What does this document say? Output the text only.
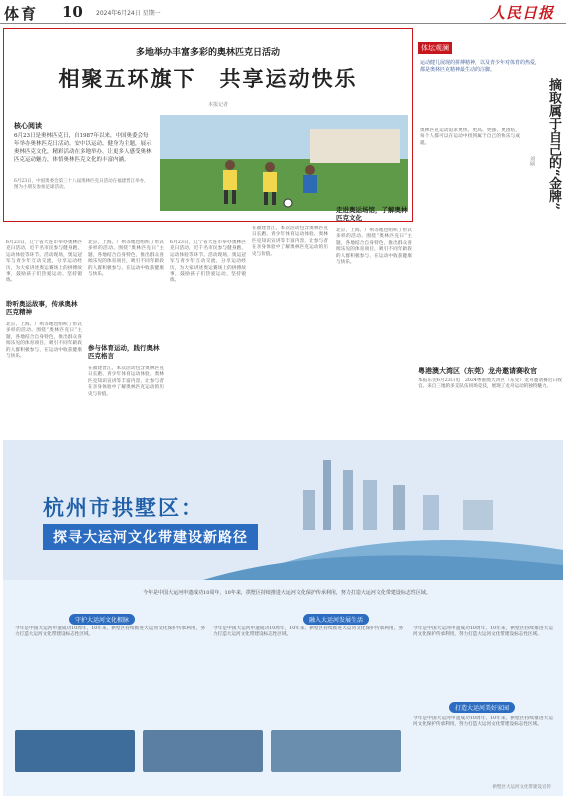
体育 10 2024年6月24日 星期一	人民日报
多地举办丰富多彩的奥林匹克日活动
相聚五环旗下　共享运动快乐
本报记者
核心阅读
6月23日是奥林匹克日，自1987年以来，中国奥委会每年举办奥林匹克日活动。安中以运动、健身为主题，展示奥林匹克文化，精彩活动在多地举办，让更多人感受奥林匹克运动魅力，体悟奥林匹克文化的丰富内涵。
6月23日，中国奥委会第三十八届奥林匹克日活动在福建晋江举办，图为小朋友参加足球活动。
6月23日，辽宁省大连市举办奥林匹克日活动，近千名市民参与健身跑、运动体验等环节。活动现场，奥运冠军与青少年互动交流，分享运动经历，为大家讲述奥运赛场上的拼搏故事，鼓励孩子们热爱运动、坚持锻炼。
聆听奥运故事，传承奥林匹克精神
北京、上海、广州等地也组织了形式多样的活动。围绕“奥林匹克日”主题，各地结合自身特色，推出群众喜闻乐见的体育项目，吸引不同年龄段的人群积极参与，在运动中收获健康与快乐。
北京、上海、广州等地也组织了形式多样的活动。围绕“奥林匹克日”主题，各地结合自身特色，推出群众喜闻乐见的体育项目，吸引不同年龄段的人群积极参与，在运动中收获健康与快乐。
参与体育运动，践行奥林匹克格言
在福建晋江，本次活动包含奥林匹克日长跑、青少年体育运动体验、奥林匹克知识宣讲等丰富内容，让参与者在亲身体验中了解奥林匹克运动的历史与价值。
6月23日，辽宁省大连市举办奥林匹克日活动，近千名市民参与健身跑、运动体验等环节。活动现场，奥运冠军与青少年互动交流，分享运动经历，为大家讲述奥运赛场上的拼搏故事，鼓励孩子们热爱运动、坚持锻炼。
在福建晋江，本次活动包含奥林匹克日长跑、青少年体育运动体验、奥林匹克知识宣讲等丰富内容，让参与者在亲身体验中了解奥林匹克运动的历史与价值。
走进奥运场馆，了解奥林匹克文化
北京、上海、广州等地也组织了形式多样的活动。围绕“奥林匹克日”主题，各地结合自身特色，推出群众喜闻乐见的体育项目，吸引不同年龄段的人群积极参与，在运动中收获健康与快乐。
体坛观澜
运动健儿展现的拼搏精神，以及青少年对体育的热爱，都是奥林匹克精神最生动的注脚。
摘取属于自己的“金牌”
刘硕
奥林匹克运动追求更快、更高、更强、更团结，每个人都可以在运动中找到属于自己的快乐与成就。
粤港澳大湾区（东莞）龙舟邀请赛收官
本报东莞6月23日电　2024粤港澳大湾区（东莞）龙舟邀请赛近日收官。来自三地的多支队伍同场竞技，展现了龙舟运动的独特魅力。
杭州市拱墅区：
探寻大运河文化带建设新路径
今年是中国大运河申遗成功10周年，10年来，拱墅区持续推进大运河文化保护传承利用，努力打造大运河文化带建设标志性区域。
守护大运河文化根脉
今年是中国大运河申遗成功10周年，10年来，拱墅区持续推进大运河文化保护传承利用，努力打造大运河文化带建设标志性区域。
融入大运河发展生活
今年是中国大运河申遗成功10周年，10年来，拱墅区持续推进大运河文化保护传承利用，努力打造大运河文化带建设标志性区域。
打造大运河美好家园
今年是中国大运河申遗成功10周年，10年来，拱墅区持续推进大运河文化保护传承利用，努力打造大运河文化带建设标志性区域。
今年是中国大运河申遗成功10周年，10年来，拱墅区持续推进大运河文化保护传承利用，努力打造大运河文化带建设标志性区域。
拱墅区大运河文化带建设宣传
